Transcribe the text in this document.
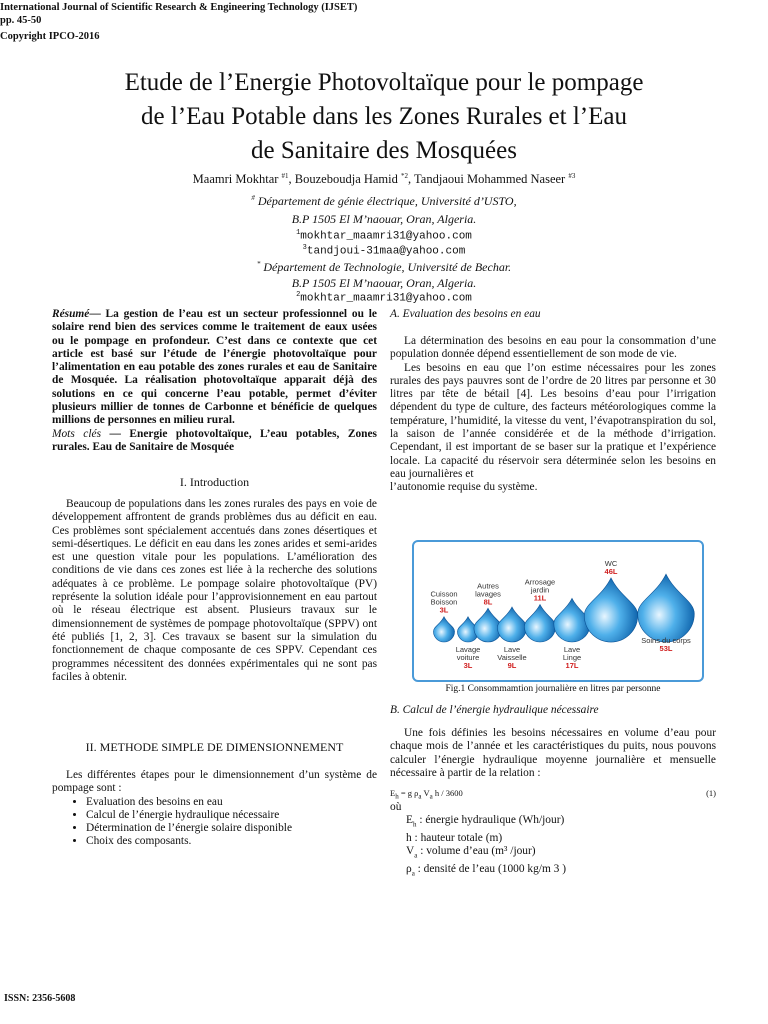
International Journal of Scientific Research & Engineering Technology (IJSET)
pp. 45-50
Copyright IPCO-2016
Etude de l’Energie Photovoltaïque pour le pompage
de l’Eau Potable dans les Zones Rurales et l’Eau
de Sanitaire des Mosquées
Maamri Mokhtar $^{\#1}$, Bouzeboudja Hamid $^{*2}$, Tandjaoui Mohammed Naseer $^{\#3}$
# Département de génie électrique, Université d’USTO,
B.P 1505 El M’naouar, Oran, Algeria.
$^1$mokhtar_maamri31@yahoo.com
$^3$tandjoui-31maa@yahoo.com
* Département de Technologie, Université de Bechar.
B.P 1505 El M’naouar, Oran, Algeria.
$^2$mokhtar_maamri31@yahoo.com

Résumé— La gestion de l’eau est un secteur professionnel ou le solaire rend bien des services comme le traitement de eaux usées ou le pompage en profondeur. C’est dans ce contexte que cet article est basé sur l’étude de l’énergie photovoltaïque pour l’alimentation en eau potable des zones rurales et eau de Sanitaire de Mosquée. La réalisation photovoltaïque apparait déjà des solutions en ce qui concerne l’eau potable, permet d’éviter plusieurs millier de tonnes de Carbonne et bénéficie de quelques millions de personnes en milieu rural.

Mots clés — Energie photovoltaïque, L’eau potables, Zones rurales. Eau de Sanitaire de Mosquée

I. Introduction

Beaucoup de populations dans les zones rurales des pays en voie de développement affrontent de grands problèmes dus au déficit en eau. Ces problèmes sont spécialement accentués dans zones désertiques et semi-désertiques. Le déficit en eau dans les zones arides et semi-arides est une question vitale pour les populations. L’amélioration des conditions de vie dans ces zones est liée à la recherche des solutions adéquates à ce problème. Le pompage solaire photovoltaïque (PV) représente la solution idéale pour l’approvisionnement en eau partout où le réseau électrique est absent. Plusieurs travaux sur le dimensionnement de systèmes de pompage photovoltaïque (SPPV) ont été publiés [1, 2, 3]. Ces travaux se basent sur la simulation du fonctionnement de chaque composante de ces SPPV. Cependant ces programmes nécessitent des données expérimentales qui ne sont pas faciles à obtenir.

II. METHODE SIMPLE DE DIMENSIONNEMENT

Les différentes étapes pour le dimensionnement d’un système de pompage sont :

• Evaluation des besoins en eau
• Calcul de l’énergie hydraulique nécessaire
• Détermination de l’énergie solaire disponible
• Choix des composants.
A. Evaluation des besoins en eau

La détermination des besoins en eau pour la consommation d’une population donnée dépend essentiellement de son mode de vie.

Les besoins en eau que l’on estime nécessaires pour les zones rurales des pays pauvres sont de l’ordre de 20 litres par personne et 30 litres par tête de bétail [4]. Les besoins d’eau pour l’irrigation dépendent du type de culture, des facteurs météorologiques comme la température, l’humidité, la vitesse du vent, l’évapotranspiration du sol, la saison de l’année considérée et de la méthode d’irrigation. Cependant, il est important de se baser sur la pratique et l’expérience locale. La capacité du réservoir sera déterminée selon les besoins en eau journalières et

l’autonomie requise du système.

Cuisson
Boisson
3L
Lavage
voiture
3L
Autres
lavages
8L
Lave
Vaisselle
9L
Arrosage
jardin
11L
Lave
Linge
17L
WC
46L
Soins du corps
53L
Fig.1 Consommamtion journalière en litres par personne
B. Calcul de l’énergie hydraulique nécessaire

Une fois définies les besoins nécessaires en volume d’eau pour chaque mois de l’année et les caractéristiques du puits, nous pouvons calculer l’énergie hydraulique moyenne journalière et mensuelle nécessaire à partir de la relation :

$E_h = g$ $\rho_a$ $V_a$ h / 3600	(1)

où

$E_h$ : énergie hydraulique (Wh/jour)

h : hauteur totale (m)

$V_a$ : volume d’eau (m³ /jour)

$\rho_a$ : densité de l’eau (1000 kg/m 3 )

ISSN: 2356-5608
